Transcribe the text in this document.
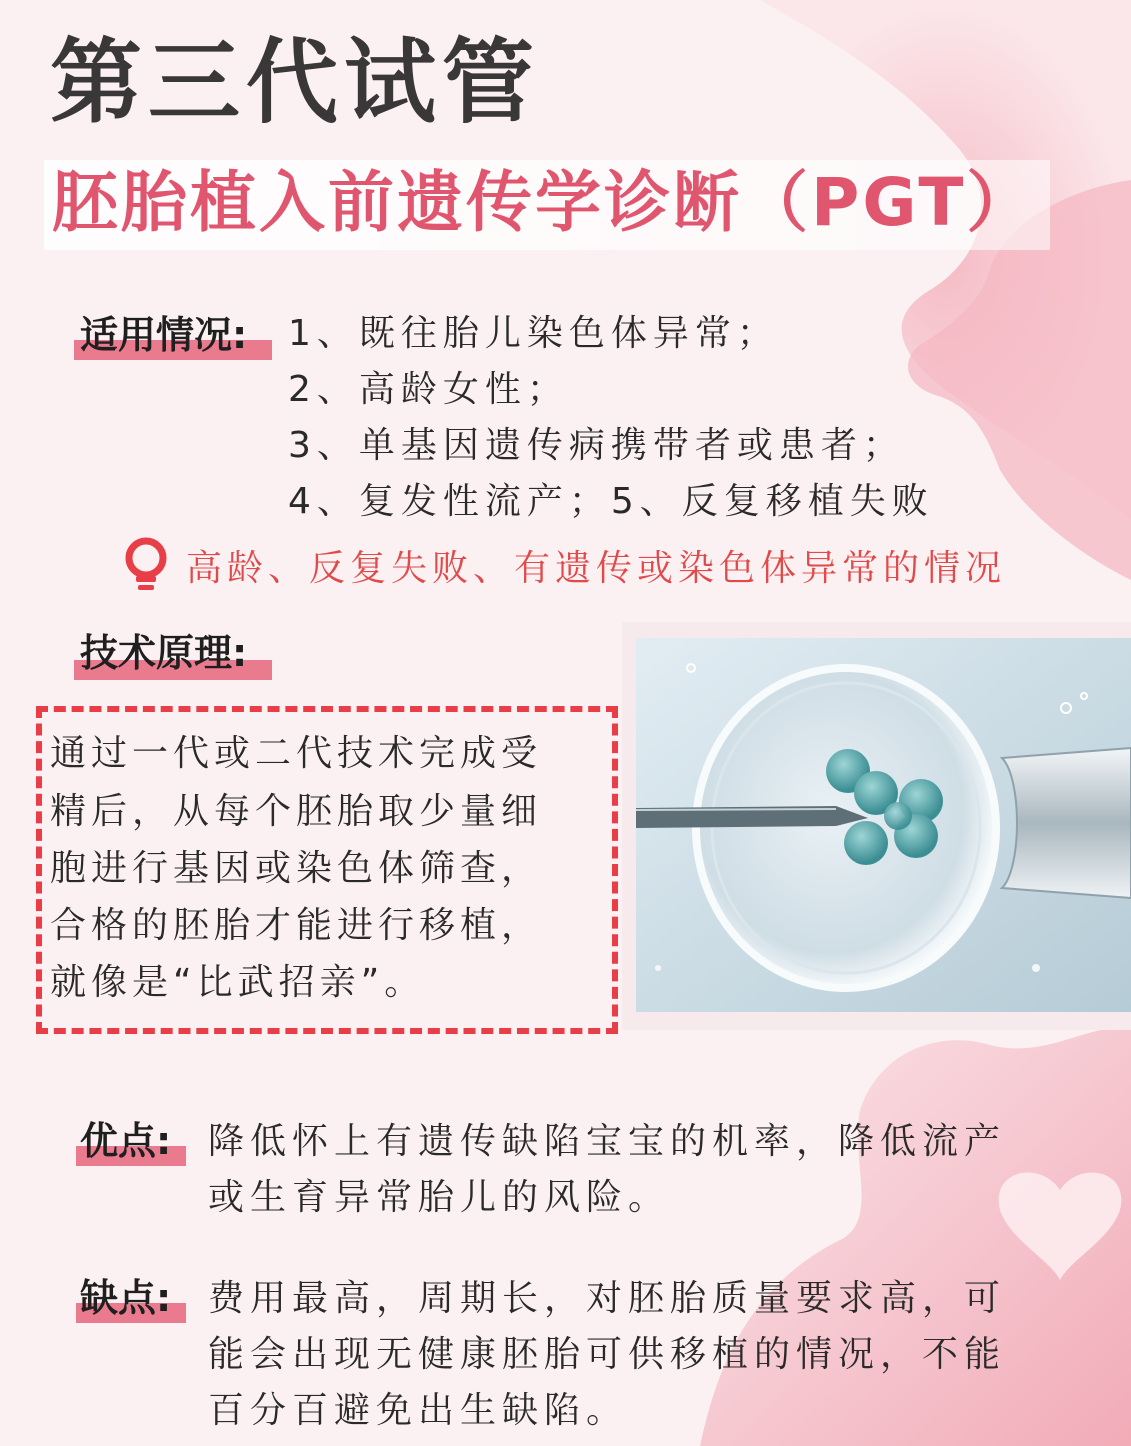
第三代试管
胚胎植入前遗传学诊断（PGT）
适用情况: 1、既往胎儿染色体异常；
2、高龄女性；
3、单基因遗传病携带者或患者；
4、复发性流产；5、反复移植失败
高龄、反复失败、有遗传或染色体异常的情况
技术原理:
通过一代或二代技术完成受
精后，从每个胚胎取少量细
胞进行基因或染色体筛查，
合格的胚胎才能进行移植，
就像是“比武招亲”。
优点: 降低怀上有遗传缺陷宝宝的机率，降低流产
或生育异常胎儿的风险。
缺点: 费用最高，周期长，对胚胎质量要求高，可
能会出现无健康胚胎可供移植的情况，不能
百分百避免出生缺陷。
